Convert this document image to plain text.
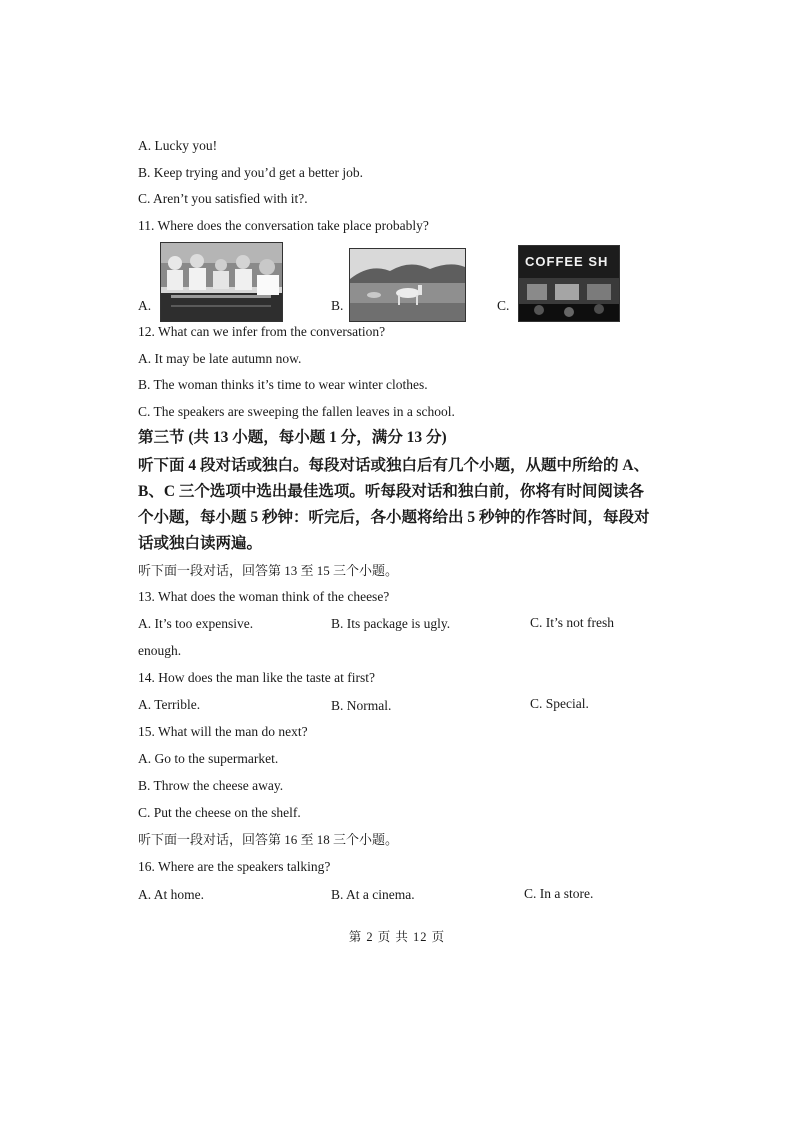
A. Lucky you!
B. Keep trying and you’d get a better job.
C. Aren’t you satisfied with it?.
11. Where does the conversation take place probably?
A.	B.	C.
COFFEE SH
12. What can we infer from the conversation?
A. It may be late autumn now.
B. The woman thinks it’s time to wear winter clothes.
C. The speakers are sweeping the fallen leaves in a school.
第三节 (共 13 小题，每小题 1 分，满分 13 分)
听下面 4 段对话或独白。每段对话或独白后有几个小题，从题中所给的 A、
B、C 三个选项中选出最佳选项。听每段对话和独白前，你将有时间阅读各
个小题，每小题 5 秒钟：听完后，各小题将给出 5 秒钟的作答时间，每段对
话或独白读两遍。
听下面一段对话，回答第 13 至 15 三个小题。
13. What does the woman think of the cheese?
A. It’s too expensive.	B. Its package is ugly.	C. It’s not fresh
enough.
14. How does the man like the taste at first?
A. Terrible.	B. Normal.	C. Special.
15. What will the man do next?
A. Go to the supermarket.
B. Throw the cheese away.
C. Put the cheese on the shelf.
听下面一段对话，回答第 16 至 18 三个小题。
16. Where are the speakers talking?
A. At home.	B. At a cinema.	C. In a store.
第 2 页 共 12 页
